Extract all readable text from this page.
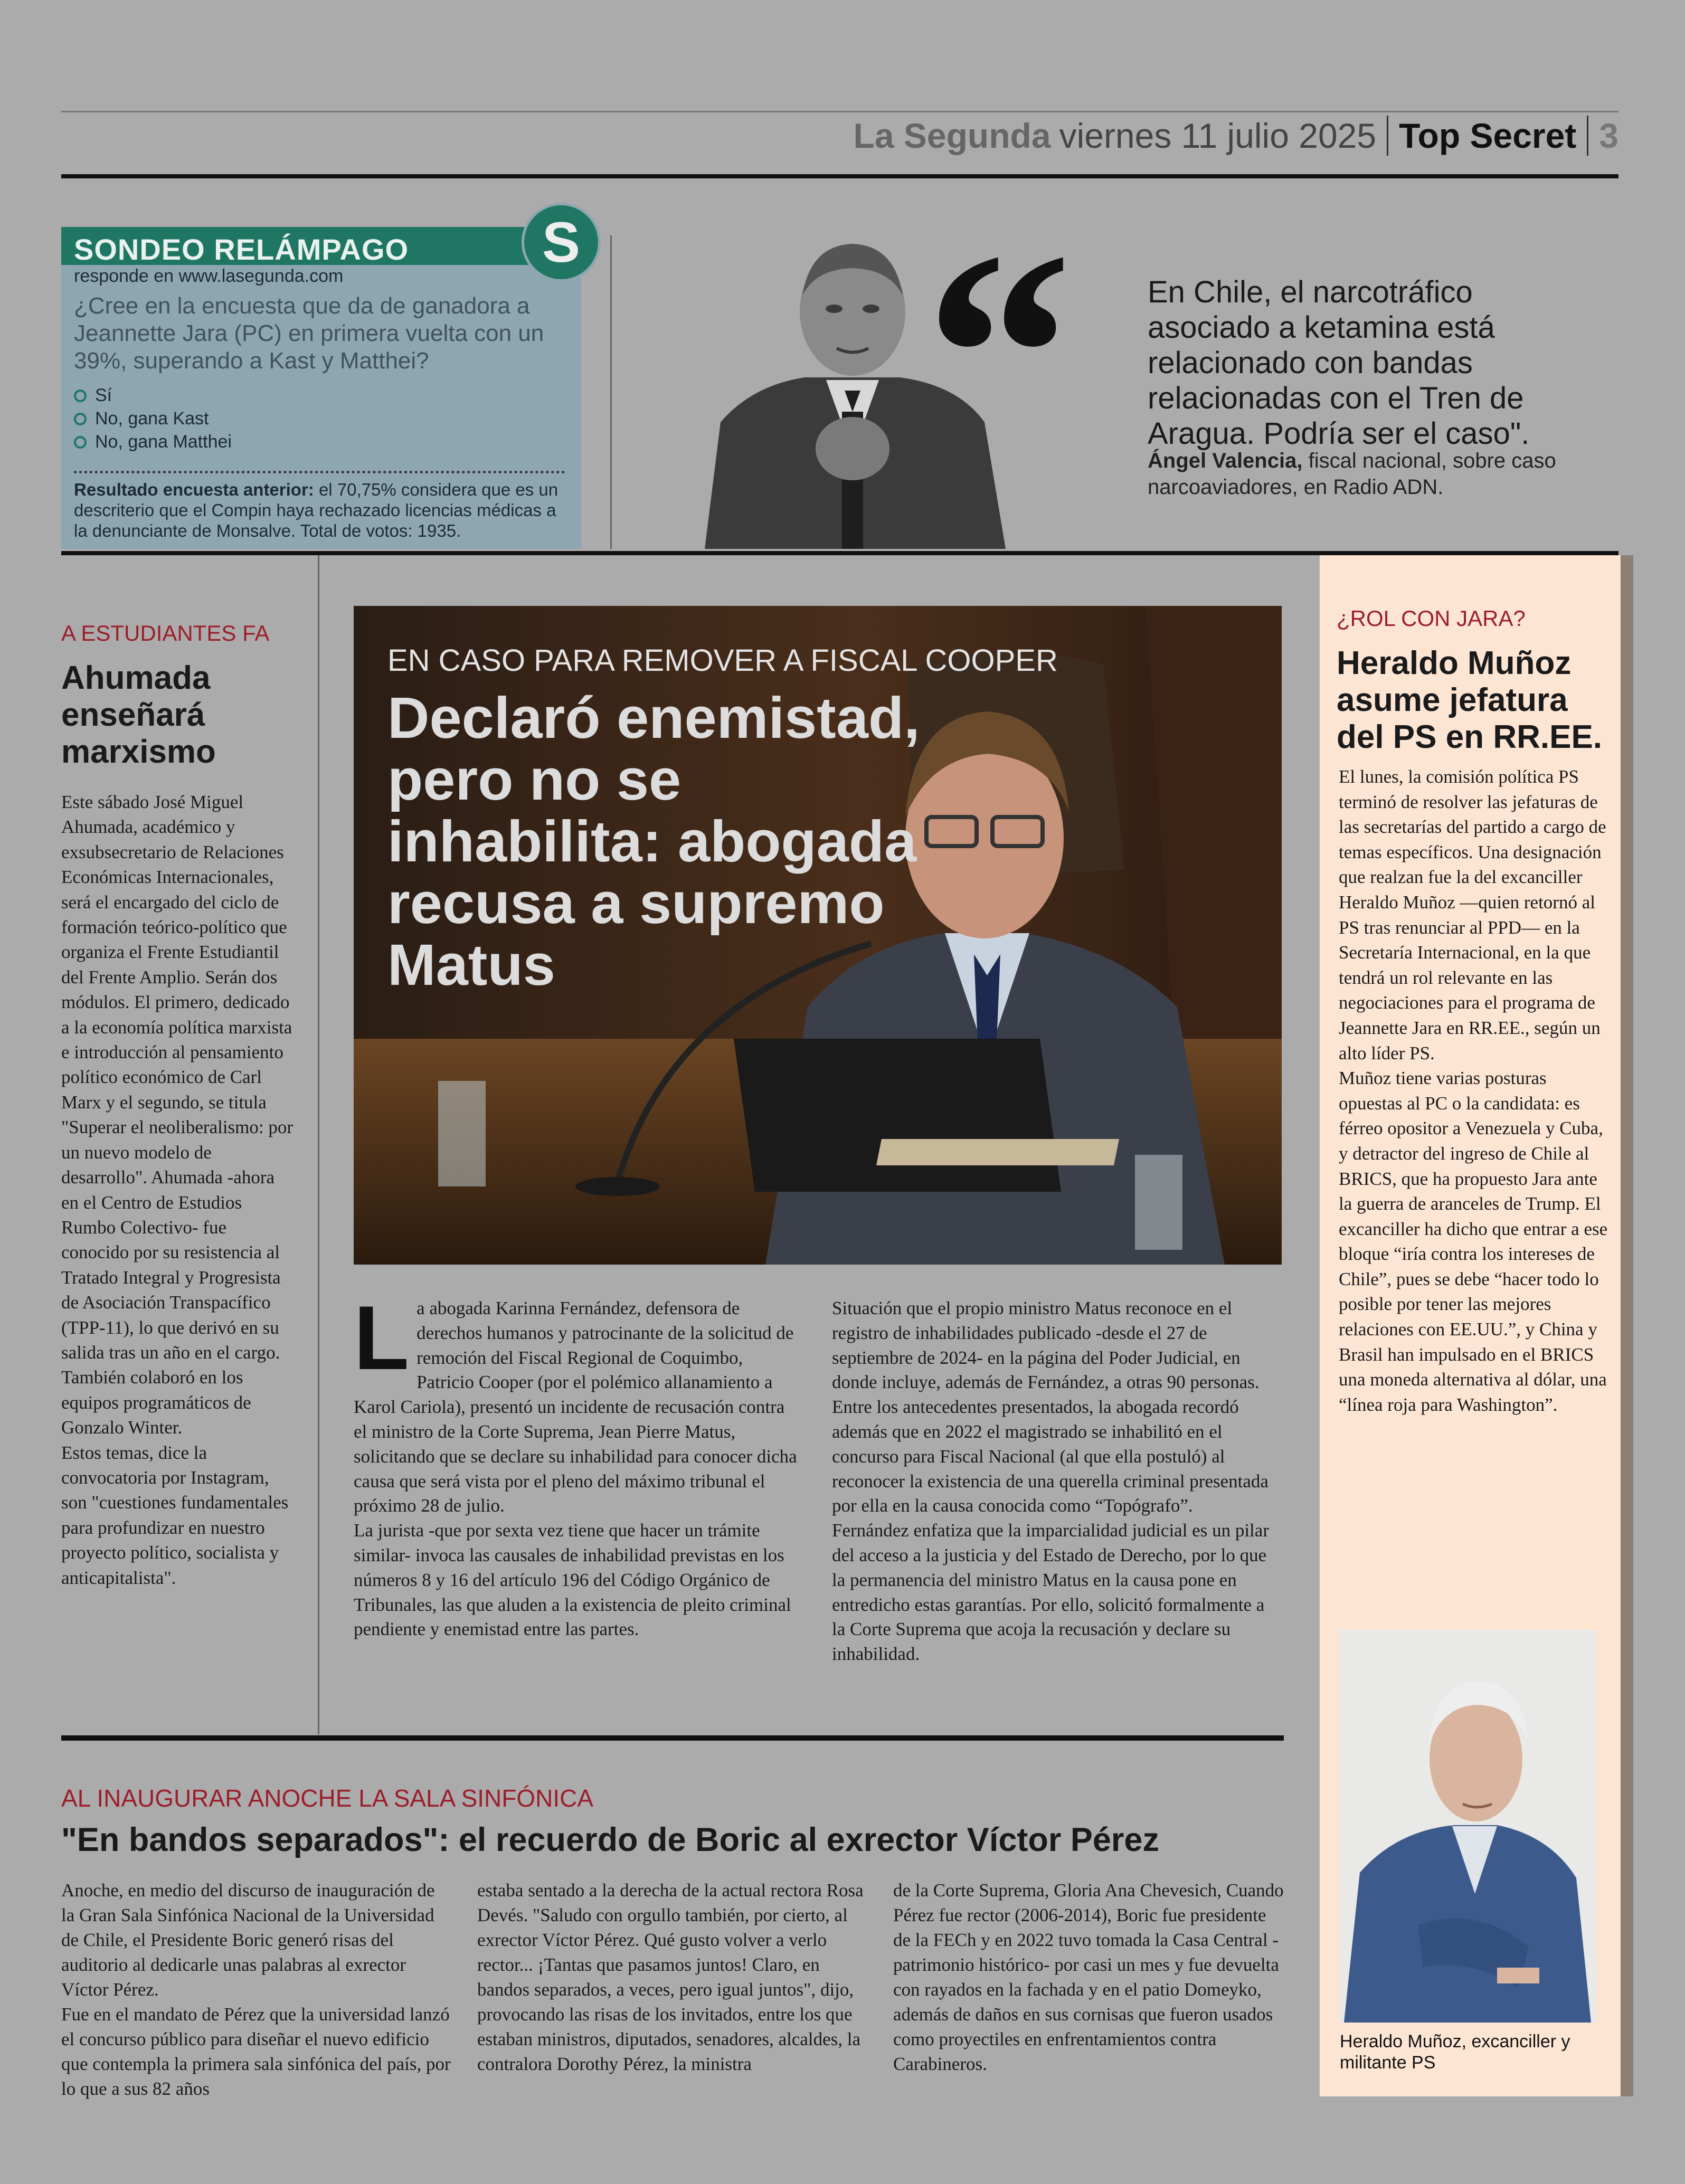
La Segunda viernes 11 julio 2025 Top Secret 3
SONDEO RELÁMPAGO	S
responde en www.lasegunda.com
¿Cree en la encuesta que da de ganadora a Jeannette Jara (PC) en primera vuelta con un 39%, superando a Kast y Matthei?
Sí
No, gana Kast
No, gana Matthei
Resultado encuesta anterior: el 70,75% considera que es un descriterio que el Compin haya rechazado licencias médicas a la denunciante de Monsalve. Total de votos: 1935.
“ En Chile, el narcotráfico asociado a ketamina está relacionado con bandas relacionadas con el Tren de Aragua. Podría ser el caso".
Ángel Valencia, fiscal nacional, sobre caso narcoaviadores, en Radio ADN.
A ESTUDIANTES FA
Ahumada enseñará marxismo

Este sábado José Miguel Ahumada, académico y exsubsecretario de Relaciones Económicas Internacionales, será el encargado del ciclo de formación teórico-político que organiza el Frente Estudiantil del Frente Amplio. Serán dos módulos. El primero, dedicado a la economía política marxista e introducción al pensamiento político económico de Carl Marx y el segundo, se titula "Superar el neoliberalismo: por un nuevo modelo de desarrollo". Ahumada -ahora en el Centro de Estudios Rumbo Colectivo- fue conocido por su resistencia al Tratado Integral y Progresista de Asociación Transpacífico (TPP-11), lo que derivó en su salida tras un año en el cargo. También colaboró en los equipos programáticos de Gonzalo Winter.

Estos temas, dice la convocatoria por Instagram, son "cuestiones fundamentales para profundizar en nuestro proyecto político, socialista y anticapitalista".

EN CASO PARA REMOVER A FISCAL COOPER
Declaró enemistad, pero no se inhabilita: abogada recusa a supremo Matus
L a abogada Karinna Fernández, defensora de derechos humanos y patrocinante de la solicitud de remoción del Fiscal Regional de Coquimbo, Patricio Cooper (por el polémico allanamiento a Karol Cariola), presentó un incidente de recusación contra el ministro de la Corte Suprema, Jean Pierre Matus, solicitando que se declare su inhabilidad para conocer dicha causa que será vista por el pleno del máximo tribunal el próximo 28 de julio.

La jurista -que por sexta vez tiene que hacer un trámite similar- invoca las causales de inhabilidad previstas en los números 8 y 16 del artículo 196 del Código Orgánico de Tribunales, las que aluden a la existencia de pleito criminal pendiente y enemistad entre las partes.

Situación que el propio ministro Matus reconoce en el registro de inhabilidades publicado -desde el 27 de septiembre de 2024- en la página del Poder Judicial, en donde incluye, además de Fernández, a otras 90 personas. Entre los antecedentes presentados, la abogada recordó además que en 2022 el magistrado se inhabilitó en el concurso para Fiscal Nacional (al que ella postuló) al reconocer la existencia de una querella criminal presentada por ella en la causa conocida como “Topógrafo”.

Fernández enfatiza que la imparcialidad judicial es un pilar del acceso a la justicia y del Estado de Derecho, por lo que la permanencia del ministro Matus en la causa pone en entredicho estas garantías. Por ello, solicitó formalmente a la Corte Suprema que acoja la recusación y declare su inhabilidad.

¿ROL CON JARA?
Heraldo Muñoz asume jefatura del PS en RR.EE.

El lunes, la comisión política PS terminó de resolver las jefaturas de las secretarías del partido a cargo de temas específicos. Una designación que realzan fue la del excanciller Heraldo Muñoz —quien retornó al PS tras renunciar al PPD— en la Secretaría Internacional, en la que tendrá un rol relevante en las negociaciones para el programa de Jeannette Jara en RR.EE., según un alto líder PS.

Muñoz tiene varias posturas opuestas al PC o la candidata: es férreo opositor a Venezuela y Cuba, y detractor del ingreso de Chile al BRICS, que ha propuesto Jara ante la guerra de aranceles de Trump. El excanciller ha dicho que entrar a ese bloque “iría contra los intereses de Chile”, pues se debe “hacer todo lo posible por tener las mejores relaciones con EE.UU.”, y China y Brasil han impulsado en el BRICS una moneda alternativa al dólar, una “línea roja para Washington”.

Heraldo Muñoz, excanciller y militante PS
AL INAUGURAR ANOCHE LA SALA SINFÓNICA
"En bandos separados": el recuerdo de Boric al exrector Víctor Pérez

Anoche, en medio del discurso de inauguración de la Gran Sala Sinfónica Nacional de la Universidad de Chile, el Presidente Boric generó risas del auditorio al dedicarle unas palabras al exrector Víctor Pérez.

Fue en el mandato de Pérez que la universidad lanzó el concurso público para diseñar el nuevo edificio que contempla la primera sala sinfónica del país, por lo que a sus 82 años

estaba sentado a la derecha de la actual rectora Rosa Devés. "Saludo con orgullo también, por cierto, al exrector Víctor Pérez. Qué gusto volver a verlo rector... ¡Tantas que pasamos juntos! Claro, en bandos separados, a veces, pero igual juntos", dijo, provocando las risas de los invitados, entre los que estaban ministros, diputados, senadores, alcaldes, la contralora Dorothy Pérez, la ministra

de la Corte Suprema, Gloria Ana Chevesich, Cuando Pérez fue rector (2006-2014), Boric fue presidente de la FECh y en 2022 tuvo tomada la Casa Central -patrimonio histórico- por casi un mes y fue devuelta con rayados en la fachada y en el patio Domeyko, además de daños en sus cornisas que fueron usados como proyectiles en enfrentamientos contra Carabineros.
